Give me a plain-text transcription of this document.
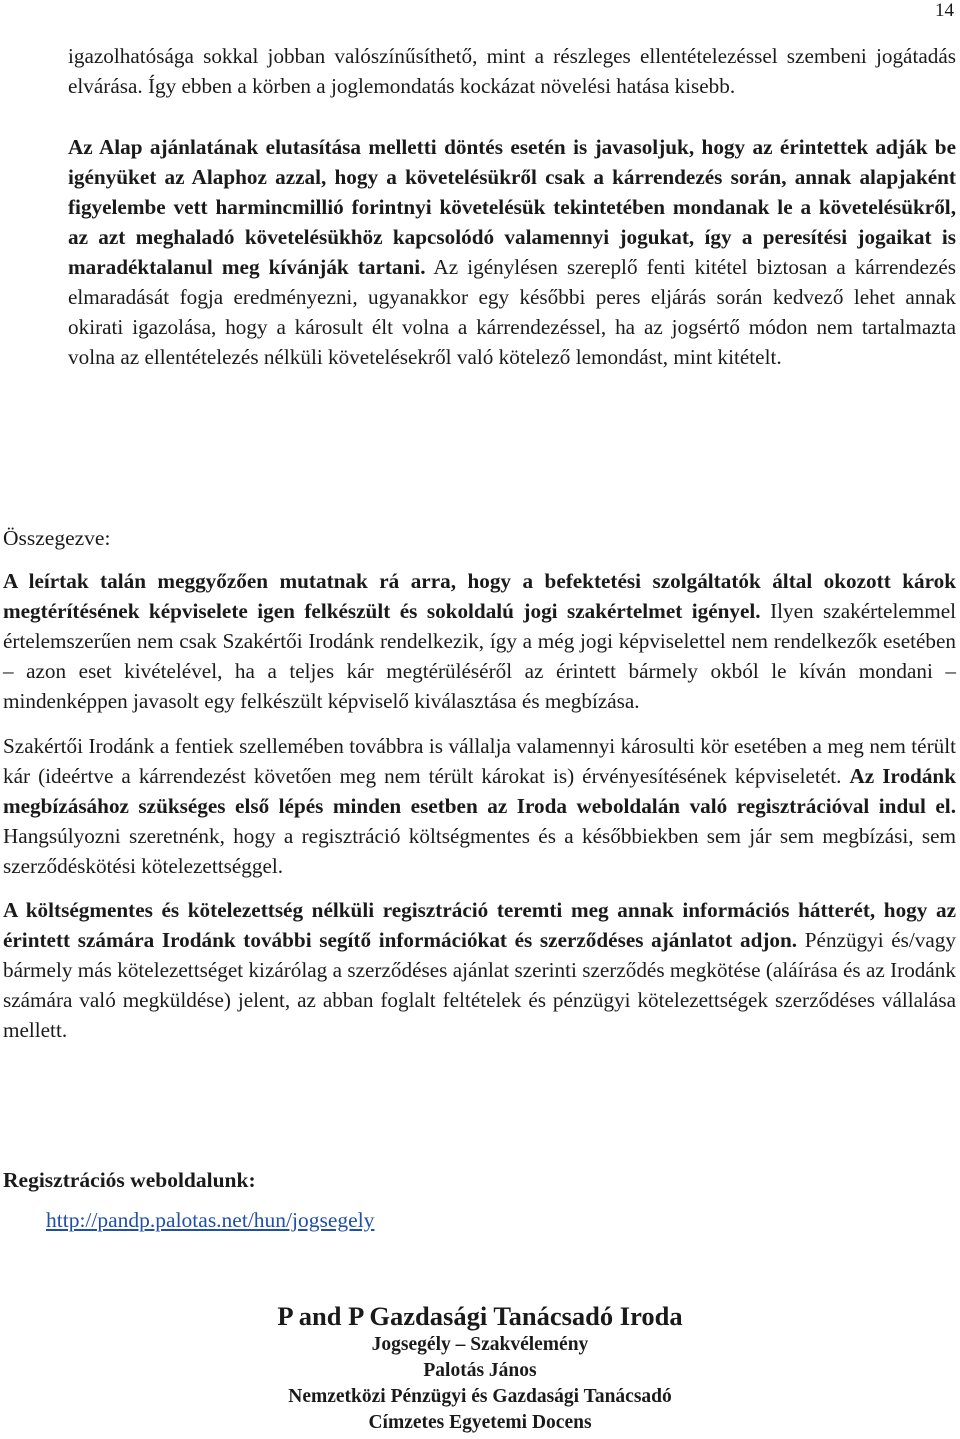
14

igazolhatósága sokkal jobban valószínűsíthető, mint a részleges ellentételezéssel szembeni jogátadás elvárása. Így ebben a körben a joglemondatás kockázat növelési hatása kisebb.

Az Alap ajánlatának elutasítása melletti döntés esetén is javasoljuk, hogy az érintettek adják be igényüket az Alaphoz azzal, hogy a követelésükről csak a kárrendezés során, annak alapjaként figyelembe vett harmincmillió forintnyi követelésük tekintetében mondanak le a követelésükről, az azt meghaladó követelésükhöz kapcsolódó valamennyi jogukat, így a peresítési jogaikat is maradéktalanul meg kívánják tartani. Az igénylésen szereplő fenti kitétel biztosan a kárrendezés elmaradását fogja eredményezni, ugyanakkor egy későbbi peres eljárás során kedvező lehet annak okirati igazolása, hogy a károsult élt volna a kárrendezéssel, ha az jogsértő módon nem tartalmazta volna az ellentételezés nélküli követelésekről való kötelező lemondást, mint kitételt.

Összegezve:

A leírtak talán meggyőzően mutatnak rá arra, hogy a befektetési szolgáltatók által okozott károk megtérítésének képviselete igen felkészült és sokoldalú jogi szakértelmet igényel. Ilyen szakértelemmel értelemszerűen nem csak Szakértői Irodánk rendelkezik, így a még jogi képviselettel nem rendelkezők esetében – azon eset kivételével, ha a teljes kár megtérüléséről az érintett bármely okból le kíván mondani – mindenképpen javasolt egy felkészült képviselő kiválasztása és megbízása.

Szakértői Irodánk a fentiek szellemében továbbra is vállalja valamennyi károsulti kör esetében a meg nem térült kár (ideértve a kárrendezést követően meg nem térült károkat is) érvényesítésének képviseletét. Az Irodánk megbízásához szükséges első lépés minden esetben az Iroda weboldalán való regisztrációval indul el. Hangsúlyozni szeretnénk, hogy a regisztráció költségmentes és a későbbiekben sem jár sem megbízási, sem szerződéskötési kötelezettséggel.

A költségmentes és kötelezettség nélküli regisztráció teremti meg annak információs hátterét, hogy az érintett számára Irodánk további segítő információkat és szerződéses ajánlatot adjon. Pénzügyi és/vagy bármely más kötelezettséget kizárólag a szerződéses ajánlat szerinti szerződés megkötése (aláírása és az Irodánk számára való megküldése) jelent, az abban foglalt feltételek és pénzügyi kötelezettségek szerződéses vállalása mellett.

Regisztrációs weboldalunk:

http://pandp.palotas.net/hun/jogsegely
P and P Gazdasági Tanácsadó Iroda
Jogsegély – Szakvélemény
Palotás János
Nemzetközi Pénzügyi és Gazdasági Tanácsadó
Címzetes Egyetemi Docens
